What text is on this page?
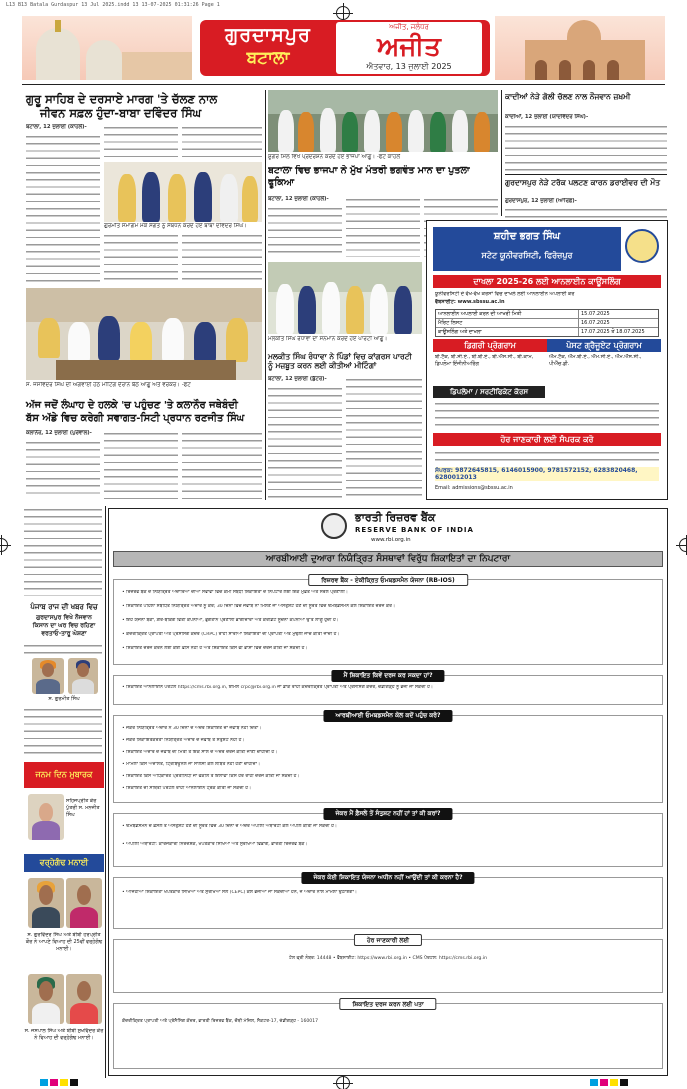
L13 B13 Batala Gurdaspur 13 Jul 2025.indd 13 13-07-2025 01:31:26 Page 1
ਗੁਰਦਾਸਪੁਰ
ਬਟਾਲਾ
ਅਜੀਤ, ਜਲੰਧਰ
ਅਜੀਤ
ਐਤਵਾਰ, 13 ਜੁਲਾਈ 2025
ਗੁਰੂ ਸਾਹਿਬ ਦੇ ਦਰਸਾਏ ਮਾਰਗ 'ਤੇ ਚੱਲਣ ਨਾਲ
ਜੀਵਨ ਸਫ਼ਲ ਹੁੰਦਾ-ਬਾਬਾ ਦਵਿੰਦਰ ਸਿੰਘ
ਬਟਾਲਾ, 12 ਜੁਲਾਈ (ਕਾਹਲੋਂ)-
ਗੁਰਮਤਿ ਸਮਾਗਮ ਮੌਕੇ ਸੰਗਤ ਨੂੰ ਸੰਬੋਧਨ ਕਰਦੇ ਹੋਏ ਬਾਬਾ ਦਵਿੰਦਰ ਸਿੰਘ।
ਸ. ਜਸਵਿੰਦਰ ਸਿੰਘ ਦੀ ਅਗਵਾਈ ਹੇਠ ਮੀਟਿੰਗ ਦੌਰਾਨ ਬੈਠੇ ਆਗੂ ਅਤੇ ਵਰਕਰ। -ਫੋਟੋ
ਅੱਜ ਜਦੋਂ ਲੰਘਾਹ ਦੇ ਹਲਕੇ 'ਚ ਪਹੁੰਚਣ 'ਤੇ ਕਲਾਨੌਰ ਜਥੇਬੰਦੀ
ਬੱਸ ਅੱਡੇ ਵਿਚ ਕਰੇਗੀ ਸਵਾਗਤ-ਸਿਟੀ ਪ੍ਰਧਾਨ ਰਣਜੀਤ ਸਿੰਘ
ਕਲਾਨੌਰ, 12 ਜੁਲਾਈ (ਪੁਰੇਵਾਲ)-
ਸ਼ੂਗਰ ਮਿੱਲ ਵਿਖੇ ਪ੍ਰਦਰਸ਼ਨ ਕਰਦੇ ਹੋਏ ਭਾਜਪਾ ਆਗੂ। -ਫੋਟੋ ਕਾਹਲੋਂ
ਬਟਾਲਾ ਵਿਚ ਭਾਜਪਾ ਨੇ ਮੁੱਖ ਮੰਤਰੀ ਭਗਵੰਤ ਮਾਨ ਦਾ ਪੁਤਲਾ ਫੂਕਿਆ
ਬਟਾਲਾ, 12 ਜੁਲਾਈ (ਕਾਹਲੋਂ)-
ਮਲਕੀਤ ਸਿੰਘ ਰੰਧਾਵਾ ਦਾ ਸਨਮਾਨ ਕਰਦੇ ਹੋਏ ਪਾਰਟੀ ਆਗੂ।
ਮਲਕੀਤ ਸਿੰਘ ਰੰਧਾਵਾ ਨੇ ਪਿੰਡਾਂ ਵਿਚ ਕਾਂਗਰਸ ਪਾਰਟੀ
ਨੂੰ ਮਜ਼ਬੂਤ ਕਰਨ ਲਈ ਕੀਤੀਆਂ ਮੀਟਿੰਗਾਂ
ਬਟਾਲਾ, 12 ਜੁਲਾਈ (ਬੁੱਟਰ)-
ਕਾਦੀਆਂ ਨੇੜੇ ਗੋਲੀ ਚੱਲਣ ਨਾਲ ਨੌਜਵਾਨ ਜ਼ਖ਼ਮੀ
ਕਾਦੀਆਂ, 12 ਜੁਲਾਈ (ਯਾਦਵਿੰਦਰ ਸਿੰਘ)-
ਗੁਰਦਾਸਪੁਰ ਨੇੜੇ ਟਰੱਕ ਪਲਟਣ ਕਾਰਨ ਡਰਾਈਵਰ ਦੀ ਮੌਤ
ਗੁਰਦਾਸਪੁਰ, 12 ਜੁਲਾਈ (ਆਰਿਫ਼)-
ਸ਼ਹੀਦ ਭਗਤ ਸਿੰਘ
ਸਟੇਟ ਯੂਨੀਵਰਸਿਟੀ, ਫਿਰੋਜ਼ਪੁਰ
ਦਾਖਲਾ 2025-26 ਲਈ ਆਨਲਾਈਨ ਕਾਊਂਸਲਿੰਗ
ਯੂਨੀਵਰਸਿਟੀ ਦੇ ਵੱਖ-ਵੱਖ ਕੋਰਸਾਂ ਵਿਚ ਦਾਖਲੇ ਲਈ ਆਨਲਾਈਨ ਅਪਲਾਈ ਕਰੋ
ਵੈੱਬਸਾਈਟ: www.sbssu.ac.in
ਆਨਲਾਈਨ ਅਪਲਾਈ ਕਰਨ ਦੀ ਆਖਰੀ ਮਿਤੀ	15.07.2025
ਮੈਰਿਟ ਲਿਸਟ	16.07.2025
ਕਾਊਂਸਲਿੰਗ ਅਤੇ ਦਾਖਲਾ	17.07.2025 ਤੋਂ 18.07.2025
ਡਿਗਰੀ ਪ੍ਰੋਗਰਾਮ	ਪੋਸਟ ਗ੍ਰੈਜੂਏਟ ਪ੍ਰੋਗਰਾਮ
ਬੀ.ਟੈੱਕ, ਬੀ.ਸੀ.ਏ., ਬੀ.ਬੀ.ਏ., ਬੀ.ਐੱਸ.ਸੀ., ਬੀ.ਕਾਮ, ਡਿਪਲੋਮਾ ਇੰਜੀਨੀਅਰਿੰਗ
ਐੱਮ.ਟੈੱਕ, ਐੱਮ.ਬੀ.ਏ., ਐੱਮ.ਸੀ.ਏ., ਐੱਮ.ਐੱਸ.ਸੀ., ਪੀਐੱਚ.ਡੀ.
ਡਿਪਲੋਮਾ / ਸਰਟੀਫਿਕੇਟ ਕੋਰਸ
ਹੋਰ ਜਾਣਕਾਰੀ ਲਈ ਸੰਪਰਕ ਕਰੋ
ਸੰਪਰਕ: 9872645815, 6146015900, 9781572152, 6283820468, 6280012013
Email: admissions@sbssu.ac.in
ਪੰਜਾਬ ਰਾਜ ਦੀ ਖਬਰ ਵਿਚ
ਗੁਰਦਾਸਪੁਰ ਵਿਖੇ ਨੌਜਵਾਨ
ਕਿਸਾਨ ਦਾ ਘਰ ਵਿਚ ਰਹਿਣਾ
ਵਰਤਾਓ-ਤਾਰੂ ਘੋਸ਼ਣਾ
ਸ. ਗੁਰਮੀਤ ਸਿੰਘ
ਜਨਮ ਦਿਨ ਮੁਬਾਰਕ
ਸਹਿਜਪ੍ਰੀਤ ਕੌਰ ਪੁੱਤਰੀ ਸ. ਮਨਜੀਤ ਸਿੰਘ
ਵਰ੍ਹੇਗੰਢ ਮਨਾਈ
ਸ. ਗੁਰਵਿੰਦਰ ਸਿੰਘ ਅਤੇ ਬੀਬੀ ਹਰਪ੍ਰੀਤ ਕੌਰ ਨੇ ਆਪਣੇ ਵਿਆਹ ਦੀ 25ਵੀਂ ਵਰ੍ਹੇਗੰਢ ਮਨਾਈ।
ਸ. ਜਸਪਾਲ ਸਿੰਘ ਅਤੇ ਬੀਬੀ ਸੁਖਵਿੰਦਰ ਕੌਰ ਨੇ ਵਿਆਹ ਦੀ ਵਰ੍ਹੇਗੰਢ ਮਨਾਈ।
ਭਾਰਤੀ ਰਿਜ਼ਰਵ ਬੈਂਕ
RESERVE BANK OF INDIA
www.rbi.org.in
ਆਰਬੀਆਈ ਦੁਆਰਾ ਨਿਯੰਤ੍ਰਿਤ ਸੰਸਥਾਵਾਂ ਵਿਰੁੱਧ ਸ਼ਿਕਾਇਤਾਂ ਦਾ ਨਿਪਟਾਰਾ
ਰਿਜ਼ਰਵ ਬੈਂਕ - ਏਕੀਕ੍ਰਿਤ ਓਮਬਡਸਮੈਨ ਯੋਜਨਾ (RB-IOS)
• ਰਿਜ਼ਰਵ ਬੈਂਕ ਦੇ ਨਿਯੰਤ੍ਰਿਤ ਅਦਾਰਿਆਂ ਦੀਆਂ ਸੇਵਾਵਾਂ ਵਿਚ ਕਮੀ ਸਬੰਧੀ ਸ਼ਿਕਾਇਤਾਂ ਦੇ ਨਿਪਟਾਰੇ ਲਈ ਇਕ ਮੁਫ਼ਤ ਅਤੇ ਸਰਲ ਪ੍ਰਣਾਲੀ।
• ਸ਼ਿਕਾਇਤ ਪਹਿਲਾਂ ਸਬੰਧਿਤ ਨਿਯੰਤ੍ਰਿਤ ਅਦਾਰੇ ਨੂੰ ਕਰੋ; 30 ਦਿਨਾਂ ਵਿਚ ਜਵਾਬ ਨਾ ਮਿਲਣ ਜਾਂ ਅਸੰਤੁਸ਼ਟ ਹੋਣ ਦੀ ਸੂਰਤ ਵਿਚ ਓਮਬਡਸਮੈਨ ਕੋਲ ਸ਼ਿਕਾਇਤ ਦਰਜ ਕਰੋ।
• ਇਹ ਯੋਜਨਾ ਬੈਂਕਾਂ, ਗ਼ੈਰ-ਬੈਂਕਿੰਗ ਵਿੱਤੀ ਕੰਪਨੀਆਂ, ਭੁਗਤਾਨ ਪ੍ਰਣਾਲੀ ਭਾਗੀਦਾਰਾਂ ਅਤੇ ਕਰੈਡਿਟ ਸੂਚਨਾ ਕੰਪਨੀਆਂ ਉੱਤੇ ਲਾਗੂ ਹੁੰਦੀ ਹੈ।
• ਕੇਂਦਰੀਕ੍ਰਿਤ ਪ੍ਰਾਪਤੀ ਅਤੇ ਪ੍ਰੋਸੈਸਿੰਗ ਕੇਂਦਰ (CRPC) ਰਾਹੀਂ ਸਾਰੀਆਂ ਸ਼ਿਕਾਇਤਾਂ ਦੀ ਪ੍ਰਾਪਤੀ ਅਤੇ ਮੁਢਲੀ ਜਾਂਚ ਕੀਤੀ ਜਾਂਦੀ ਹੈ।
• ਸ਼ਿਕਾਇਤ ਦਰਜ ਕਰਨ ਲਈ ਕੋਈ ਫ਼ੀਸ ਨਹੀਂ ਹੈ ਅਤੇ ਸ਼ਿਕਾਇਤ ਕਿਸੇ ਵੀ ਭਾਸ਼ਾ ਵਿਚ ਦਰਜ ਕੀਤੀ ਜਾ ਸਕਦੀ ਹੈ।
ਮੈਂ ਸ਼ਿਕਾਇਤ ਕਿਵੇਂ ਦਰਜ ਕਰ ਸਕਦਾ ਹਾਂ?
• ਸ਼ਿਕਾਇਤ ਆਨਲਾਈਨ ਪੋਰਟਲ https://cms.rbi.org.in, ਈਮੇਲ crpc@rbi.org.in ਜਾਂ ਡਾਕ ਰਾਹੀਂ ਕੇਂਦਰੀਕ੍ਰਿਤ ਪ੍ਰਾਪਤੀ ਅਤੇ ਪ੍ਰੋਸੈਸਿੰਗ ਕੇਂਦਰ, ਚੰਡੀਗੜ੍ਹ ਨੂੰ ਭੇਜੀ ਜਾ ਸਕਦੀ ਹੈ।
ਆਰਬੀਆਈ ਓਮਬਡਸਮੈਨ ਕੋਲ ਕਦੋਂ ਪਹੁੰਚ ਕਰੋ?
• ਜੇਕਰ ਨਿਯੰਤ੍ਰਿਤ ਅਦਾਰੇ ਨੇ 30 ਦਿਨਾਂ ਦੇ ਅੰਦਰ ਸ਼ਿਕਾਇਤ ਦਾ ਜਵਾਬ ਨਹੀਂ ਦਿੱਤਾ।
• ਜੇਕਰ ਸ਼ਿਕਾਇਤਕਰਤਾ ਨਿਯੰਤ੍ਰਿਤ ਅਦਾਰੇ ਦੇ ਜਵਾਬ ਤੋਂ ਸੰਤੁਸ਼ਟ ਨਹੀਂ ਹੈ।
• ਸ਼ਿਕਾਇਤ ਅਦਾਰੇ ਦੇ ਜਵਾਬ ਦੀ ਮਿਤੀ ਤੋਂ ਇਕ ਸਾਲ ਦੇ ਅੰਦਰ ਦਰਜ ਕੀਤੀ ਜਾਣੀ ਚਾਹੀਦੀ ਹੈ।
• ਮਾਮਲਾ ਕਿਸੇ ਅਦਾਲਤ, ਟ੍ਰਿਬਿਊਨਲ ਜਾਂ ਸਾਲਸੀ ਕੋਲ ਲੰਬਿਤ ਨਹੀਂ ਹੋਣਾ ਚਾਹੀਦਾ।
• ਸ਼ਿਕਾਇਤ ਕਿਸੇ ਅਧਿਕਾਰਤ ਪ੍ਰਤੀਨਿਧੀ ਜਾਂ ਵਕੀਲ ਤੋਂ ਇਲਾਵਾ ਕਿਸੇ ਹੋਰ ਰਾਹੀਂ ਦਰਜ ਕੀਤੀ ਜਾ ਸਕਦੀ ਹੈ।
• ਸ਼ਿਕਾਇਤ ਦੀ ਸਥਿਤੀ ਪੋਰਟਲ ਰਾਹੀਂ ਆਨਲਾਈਨ ਟ੍ਰੈਕ ਕੀਤੀ ਜਾ ਸਕਦੀ ਹੈ।
ਜੇਕਰ ਮੈਂ ਫ਼ੈਸਲੇ ਤੋਂ ਸੰਤੁਸ਼ਟ ਨਹੀਂ ਹਾਂ ਤਾਂ ਕੀ ਕਰਾਂ?
• ਓਮਬਡਸਮੈਨ ਦੇ ਫ਼ੈਸਲੇ ਤੋਂ ਅਸੰਤੁਸ਼ਟ ਹੋਣ ਦੀ ਸੂਰਤ ਵਿਚ 30 ਦਿਨਾਂ ਦੇ ਅੰਦਰ ਅਪੀਲੀ ਅਥਾਰਟੀ ਕੋਲ ਅਪੀਲ ਕੀਤੀ ਜਾ ਸਕਦੀ ਹੈ।
• ਅਪੀਲੀ ਅਥਾਰਟੀ: ਕਾਰਜਕਾਰੀ ਨਿਰਦੇਸ਼ਕ, ਖਪਤਕਾਰ ਸਿੱਖਿਆ ਅਤੇ ਸੁਰੱਖਿਆ ਵਿਭਾਗ, ਭਾਰਤੀ ਰਿਜ਼ਰਵ ਬੈਂਕ।
ਜੇਕਰ ਕੋਈ ਸ਼ਿਕਾਇਤ ਯੋਜਨਾ ਅਧੀਨ ਨਹੀਂ ਆਉਂਦੀ ਤਾਂ ਕੀ ਕਰਨਾ ਹੈ?
• ਅਜਿਹੀਆਂ ਸ਼ਿਕਾਇਤਾਂ ਖਪਤਕਾਰ ਸਿੱਖਿਆ ਅਤੇ ਸੁਰੱਖਿਆ ਸੈੱਲ (CEPC) ਕੋਲ ਭੇਜੀਆਂ ਜਾ ਸਕਦੀਆਂ ਹਨ, ਜੋ ਅਦਾਰੇ ਨਾਲ ਮਾਮਲਾ ਉਠਾਏਗਾ।
ਹੋਰ ਜਾਣਕਾਰੀ ਲਈ
ਟੋਲ ਫ੍ਰੀ ਨੰਬਰ: 14448 • ਵੈੱਬਸਾਈਟ: https://www.rbi.org.in • CMS ਪੋਰਟਲ: https://cms.rbi.org.in
ਸ਼ਿਕਾਇਤ ਦਰਜ ਕਰਨ ਲਈ ਪਤਾ
ਕੇਂਦਰੀਕ੍ਰਿਤ ਪ੍ਰਾਪਤੀ ਅਤੇ ਪ੍ਰੋਸੈਸਿੰਗ ਕੇਂਦਰ, ਭਾਰਤੀ ਰਿਜ਼ਰਵ ਬੈਂਕ, ਚੌਥੀ ਮੰਜ਼ਿਲ, ਸੈਕਟਰ-17, ਚੰਡੀਗੜ੍ਹ - 160017
